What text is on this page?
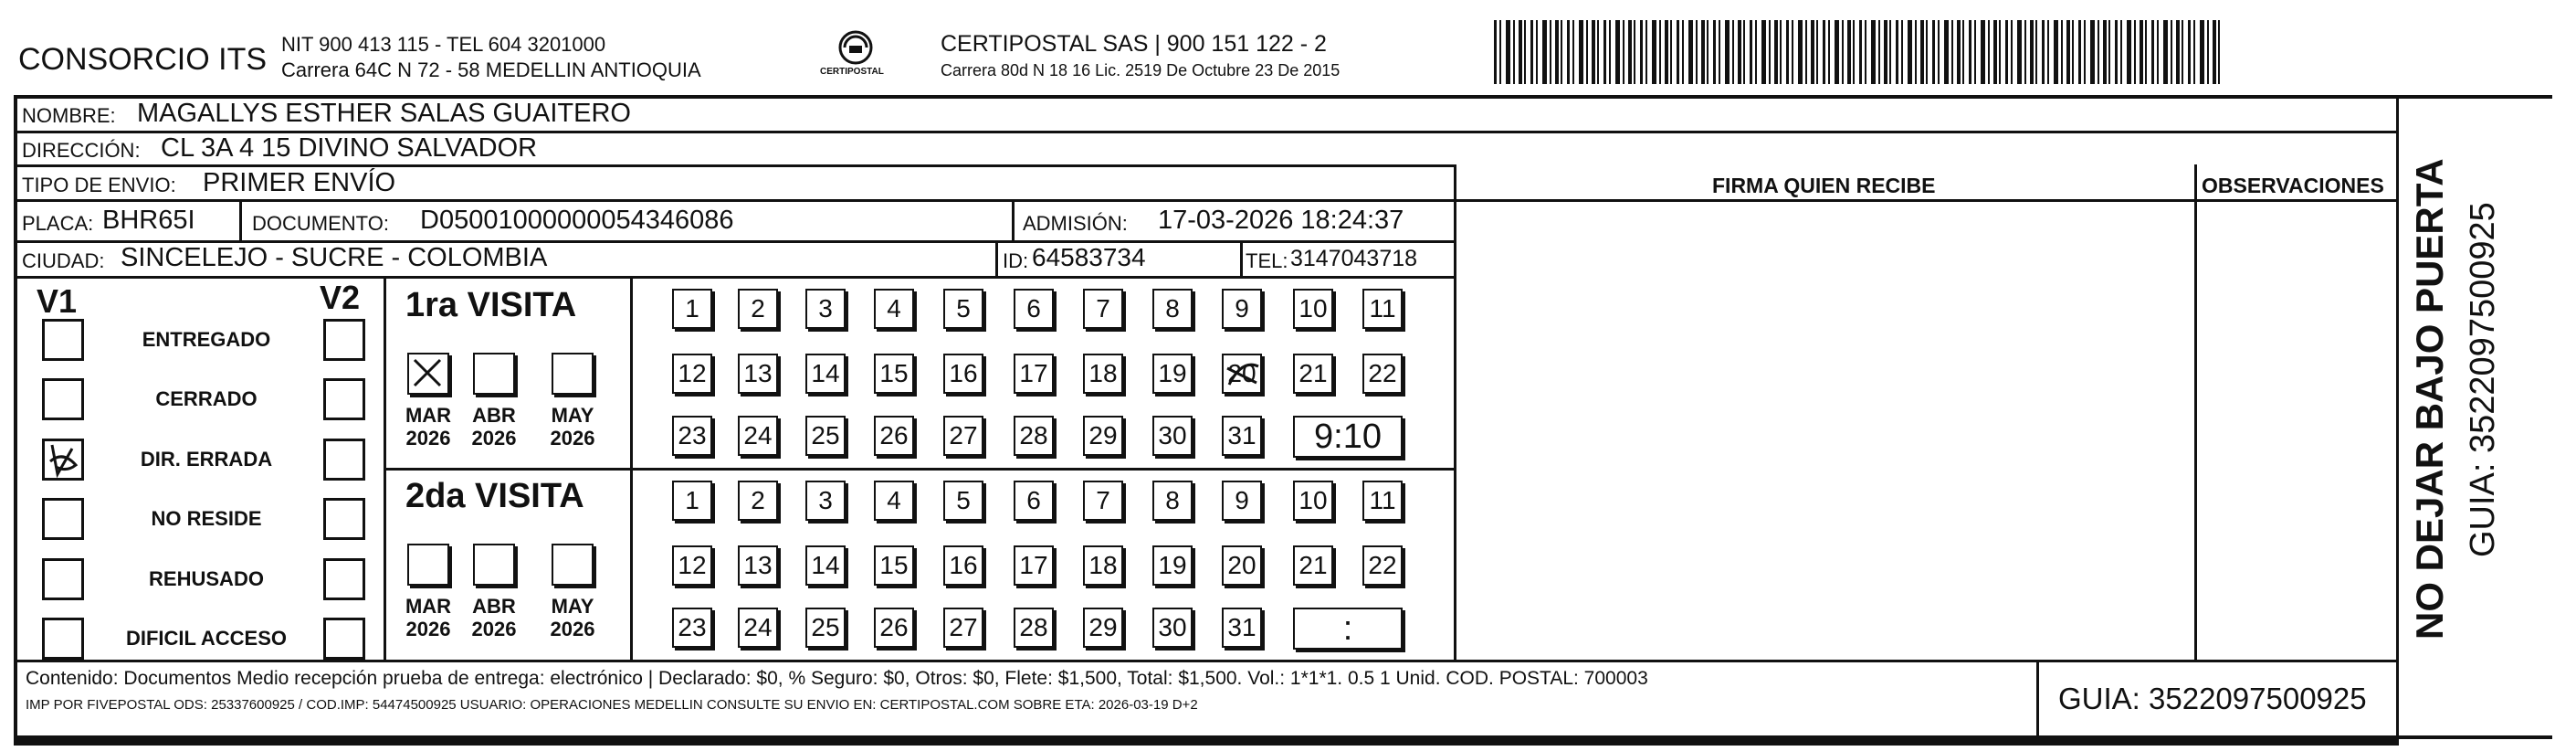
CONSORCIO ITS NIT 900 413 115 - TEL 604 3201000
Carrera 64C N 72 - 58 MEDELLIN ANTIOQUIA	CERTIPOSTAL
CERTIPOSTAL SAS | 900 151 122 - 2
Carrera 80d N 18 16 Lic. 2519 De Octubre 23 De 2015
NOMBRE: MAGALLYS ESTHER SALAS GUAITERO
DIRECCIÓN: CL 3A 4 15 DIVINO SALVADOR
TIPO DE ENVIO: PRIMER ENVÍO	FIRMA QUIEN RECIBE	OBSERVACIONES
PLACA: BHR65I	DOCUMENTO: D05001000000054346086	ADMISIÓN: 17-03-2026 18:24:37
CIUDAD: SINCELEJO - SUCRE - COLOMBIA	ID: 64583734	TEL: 3147043718
V1	V2 1ra VISITA
2da VISITA
Contenido: Documentos Medio recepción prueba de entrega: electrónico | Declarado: $0, % Seguro: $0, Otros: $0, Flete: $1,500, Total: $1,500. Vol.: 1*1*1. 0.5 1 Unid. COD. POSTAL: 700003
IMP POR FIVEPOSTAL ODS: 25337600925 / COD.IMP: 54474500925 USUARIO: OPERACIONES MEDELLIN CONSULTE SU ENVIO EN: CERTIPOSTAL.COM SOBRE ETA: 2026-03-19 D+2	GUIA: 3522097500925
NO DEJAR BAJO PUERTA GUIA: 3522097500925
ENTREGADO
CERRADO
DIR. ERRADA
NO RESIDE
REHUSADO
DIFICIL ACCESO
MAR
2026
ABR
2026
MAY
2026
MAR
2026
ABR
2026
MAY
2026
1	2	3	4	5	6	7	8	9	10 11
12 13 14 15 16 17 18 19 20 21 22
23 24 25 26 27 28 29 30 31	9:10
1	2	3	4	5	6	7	8	9	10 11
12 13 14 15 16 17 18 19 20 21 22
23 24 25 26 27 28 29 30 31	:
